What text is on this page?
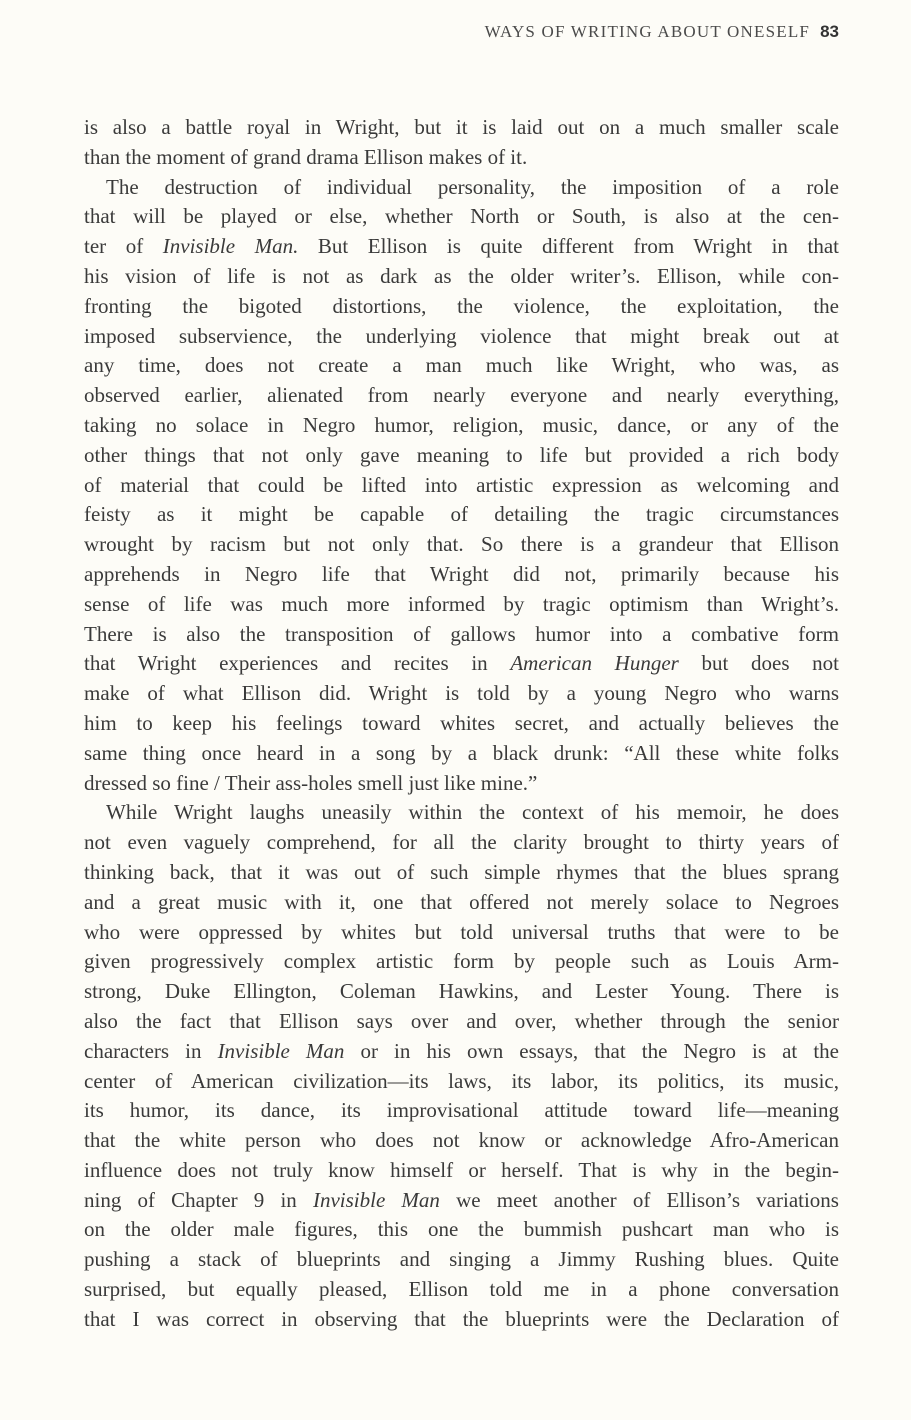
WAYS OF WRITING ABOUT ONESELF 83
is also a battle royal in Wright, but it is laid out on a much smaller scale
than the moment of grand drama Ellison makes of it.
The destruction of individual personality, the imposition of a role
that will be played or else, whether North or South, is also at the cen-
ter of Invisible Man. But Ellison is quite different from Wright in that
his vision of life is not as dark as the older writer’s. Ellison, while con-
fronting the bigoted distortions, the violence, the exploitation, the
imposed subservience, the underlying violence that might break out at
any time, does not create a man much like Wright, who was, as
observed earlier, alienated from nearly everyone and nearly everything,
taking no solace in Negro humor, religion, music, dance, or any of the
other things that not only gave meaning to life but provided a rich body
of material that could be lifted into artistic expression as welcoming and
feisty as it might be capable of detailing the tragic circumstances
wrought by racism but not only that. So there is a grandeur that Ellison
apprehends in Negro life that Wright did not, primarily because his
sense of life was much more informed by tragic optimism than Wright’s.
There is also the transposition of gallows humor into a combative form
that Wright experiences and recites in American Hunger but does not
make of what Ellison did. Wright is told by a young Negro who warns
him to keep his feelings toward whites secret, and actually believes the
same thing once heard in a song by a black drunk: “All these white folks
dressed so fine / Their ass-holes smell just like mine.”
While Wright laughs uneasily within the context of his memoir, he does
not even vaguely comprehend, for all the clarity brought to thirty years of
thinking back, that it was out of such simple rhymes that the blues sprang
and a great music with it, one that offered not merely solace to Negroes
who were oppressed by whites but told universal truths that were to be
given progressively complex artistic form by people such as Louis Arm-
strong, Duke Ellington, Coleman Hawkins, and Lester Young. There is
also the fact that Ellison says over and over, whether through the senior
characters in Invisible Man or in his own essays, that the Negro is at the
center of American civilization—its laws, its labor, its politics, its music,
its humor, its dance, its improvisational attitude toward life—meaning
that the white person who does not know or acknowledge Afro-American
influence does not truly know himself or herself. That is why in the begin-
ning of Chapter 9 in Invisible Man we meet another of Ellison’s variations
on the older male figures, this one the bummish pushcart man who is
pushing a stack of blueprints and singing a Jimmy Rushing blues. Quite
surprised, but equally pleased, Ellison told me in a phone conversation
that I was correct in observing that the blueprints were the Declaration of
